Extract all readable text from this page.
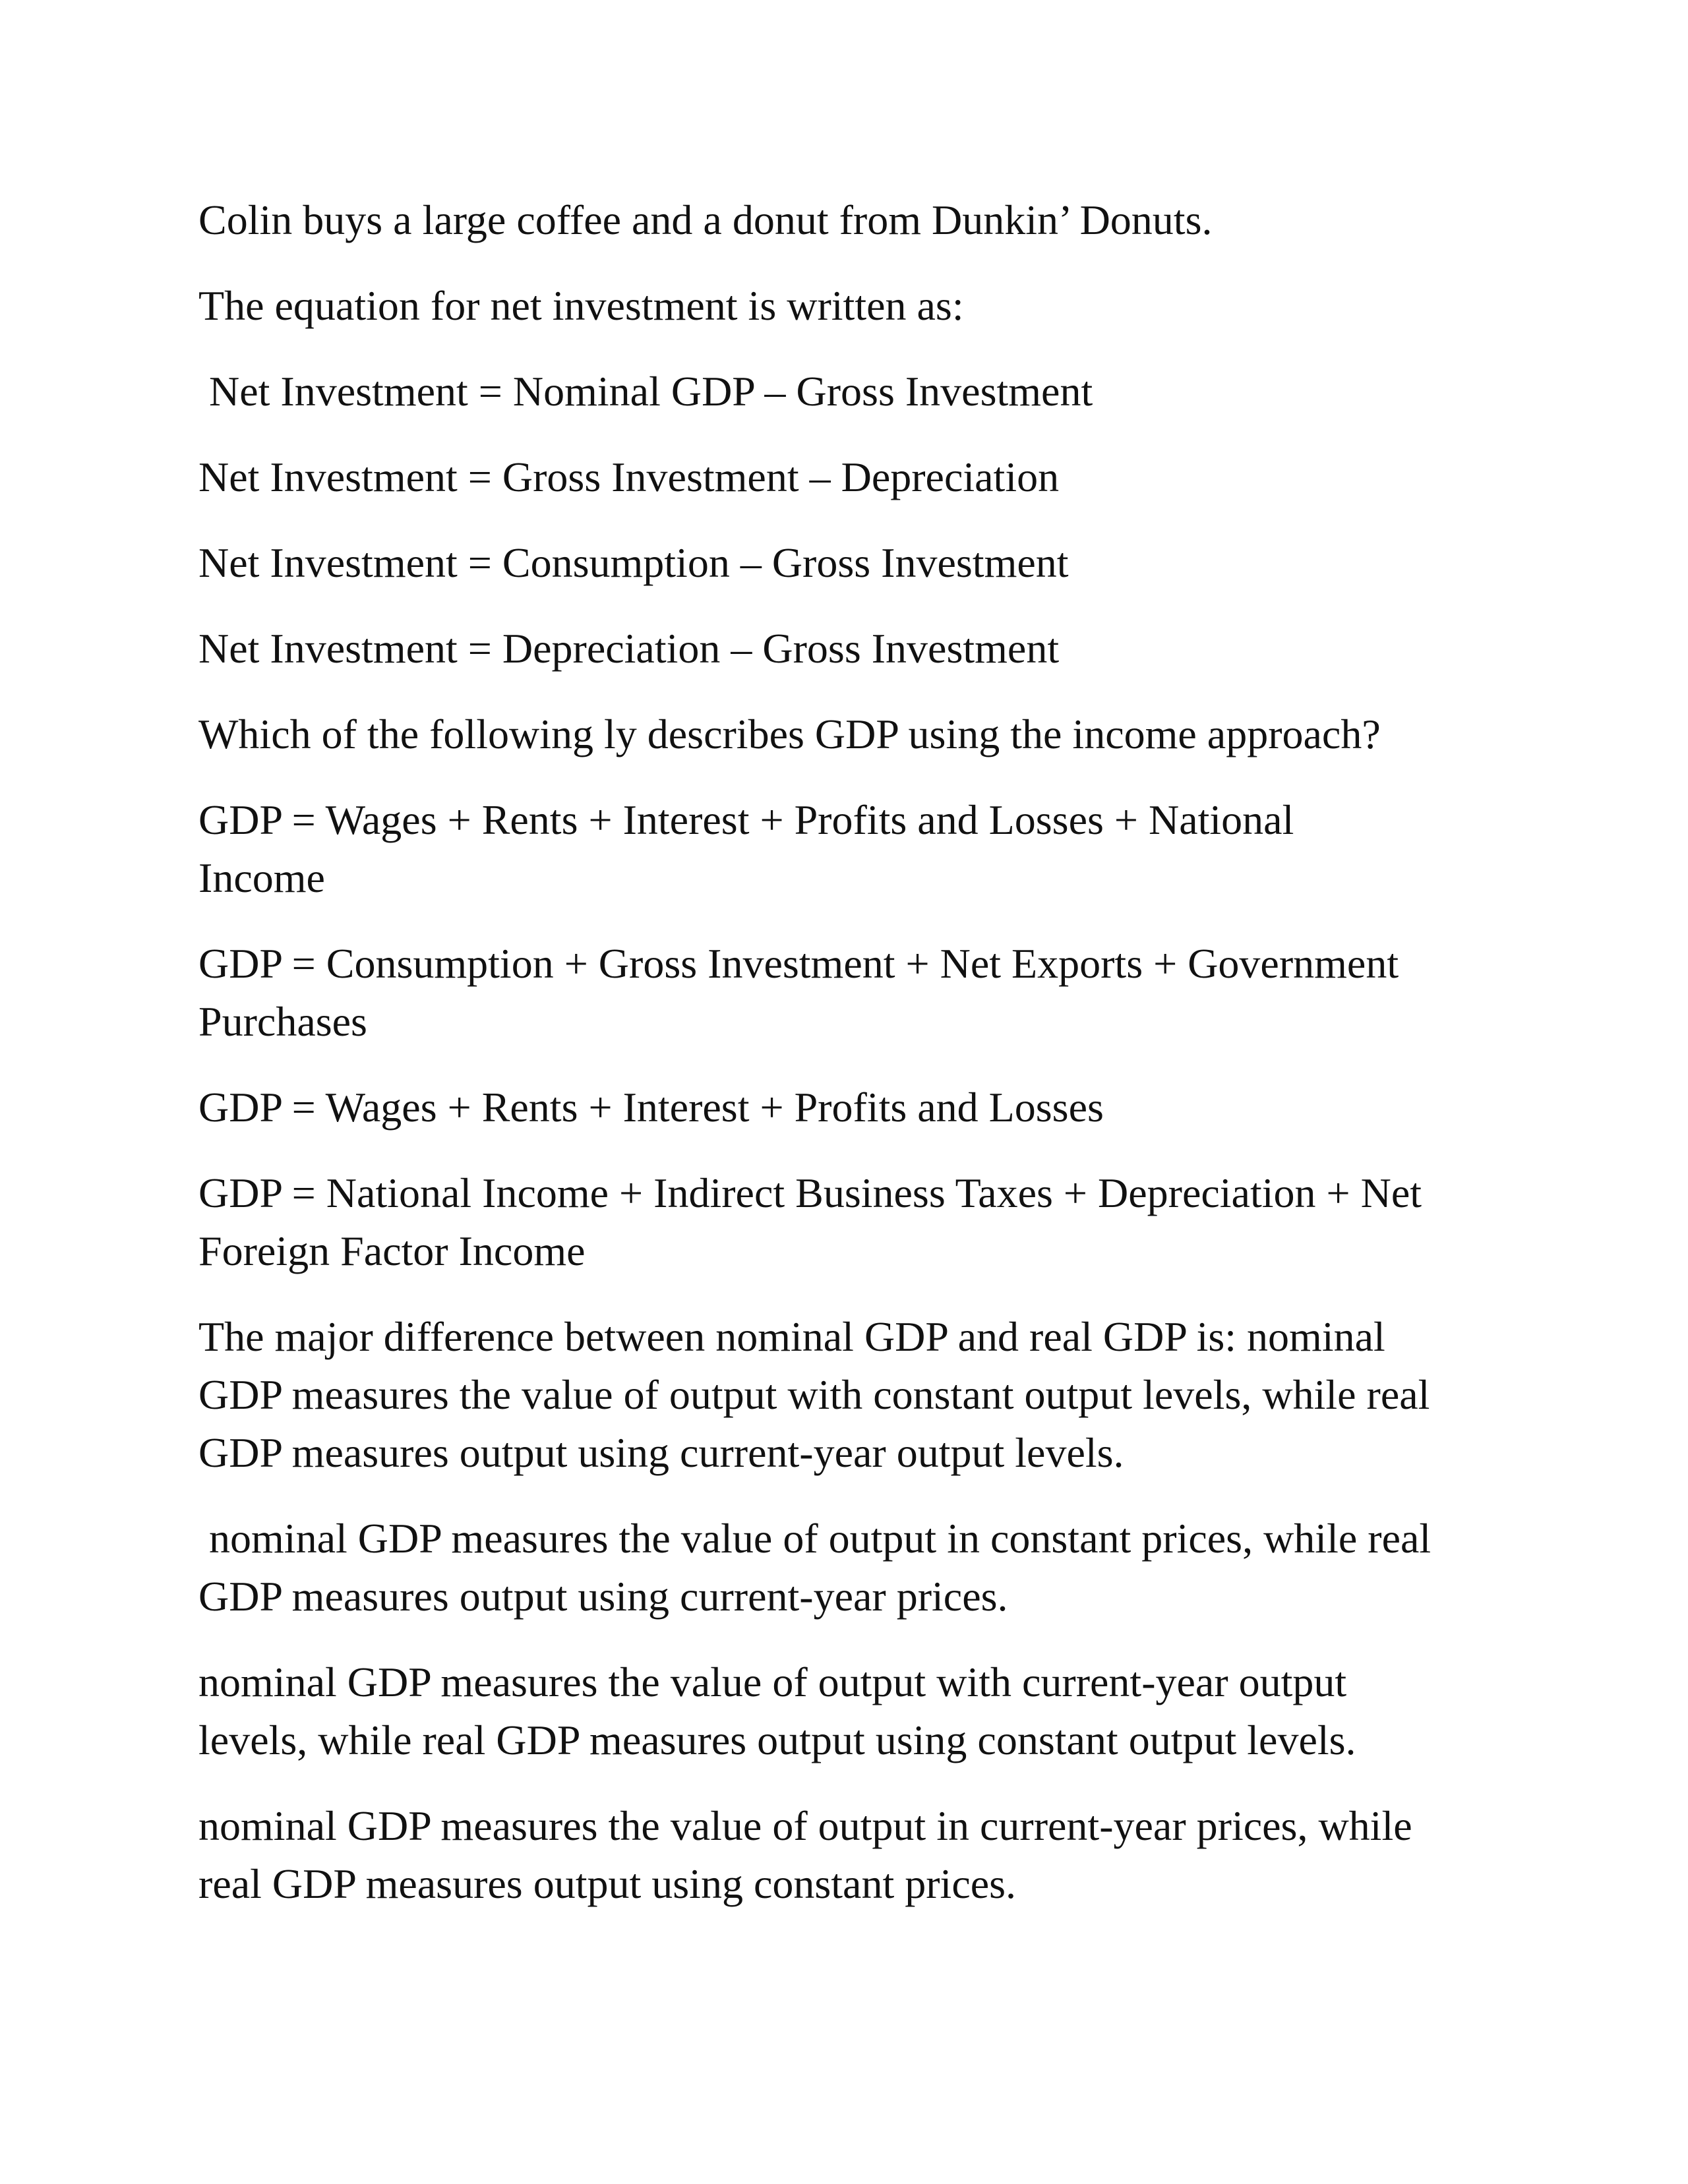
Colin buys a large coffee and a donut from Dunkin’ Donuts.

The equation for net investment is written as:

Net Investment = Nominal GDP – Gross Investment

Net Investment = Gross Investment – Depreciation

Net Investment = Consumption – Gross Investment

Net Investment = Depreciation – Gross Investment

Which of the following ly describes GDP using the income approach?

GDP = Wages + Rents + Interest + Profits and Losses + National
Income

GDP = Consumption + Gross Investment + Net Exports + Government
Purchases

GDP = Wages + Rents + Interest + Profits and Losses

GDP = National Income + Indirect Business Taxes + Depreciation + Net
Foreign Factor Income

The major difference between nominal GDP and real GDP is: nominal
GDP measures the value of output with constant output levels, while real
GDP measures output using current-year output levels.

nominal GDP measures the value of output in constant prices, while real
GDP measures output using current-year prices.

nominal GDP measures the value of output with current-year output
levels, while real GDP measures output using constant output levels.

nominal GDP measures the value of output in current-year prices, while
real GDP measures output using constant prices.
